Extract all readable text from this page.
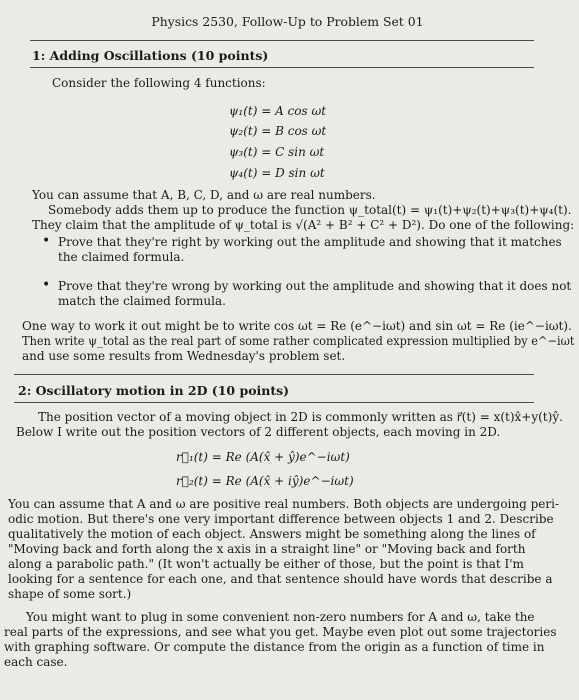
Physics 2530, Follow-Up to Problem Set 01
1: Adding Oscillations (10 points)
Consider the following 4 functions:
ψ₁(t) = A cos ωt
ψ₂(t) = B cos ωt
ψ₃(t) = C sin ωt
ψ₄(t) = D sin ωt
You can assume that A, B, C, D, and ω are real numbers.
Somebody adds them up to produce the function ψ_total(t) = ψ₁(t)+ψ₂(t)+ψ₃(t)+ψ₄(t).
They claim that the amplitude of ψ_total is √(A² + B² + C² + D²). Do one of the following:
• Prove that they're right by working out the amplitude and showing that it matches
the claimed formula.
• Prove that they're wrong by working out the amplitude and showing that it does not
match the claimed formula.
One way to work it out might be to write cos ωt = Re (e^−iωt) and sin ωt = Re (ie^−iωt).
Then write ψ_total as the real part of some rather complicated expression multiplied by e^−iωt
and use some results from Wednesday's problem set.
2: Oscillatory motion in 2D (10 points)
The position vector of a moving object in 2D is commonly written as r⃗(t) = x(t)x̂+y(t)ŷ.
Below I write out the position vectors of 2 different objects, each moving in 2D.
r⃗₁(t) = Re (A(x̂ + ŷ)e^−iωt)
r⃗₂(t) = Re (A(x̂ + iŷ)e^−iωt)
You can assume that A and ω are positive real numbers. Both objects are undergoing peri-
odic motion. But there's one very important difference between objects 1 and 2. Describe
qualitatively the motion of each object. Answers might be something along the lines of
"Moving back and forth along the x axis in a straight line" or "Moving back and forth
along a parabolic path." (It won't actually be either of those, but the point is that I'm
looking for a sentence for each one, and that sentence should have words that describe a
shape of some sort.)
You might want to plug in some convenient non-zero numbers for A and ω, take the
real parts of the expressions, and see what you get. Maybe even plot out some trajectories
with graphing software. Or compute the distance from the origin as a function of time in
each case.
